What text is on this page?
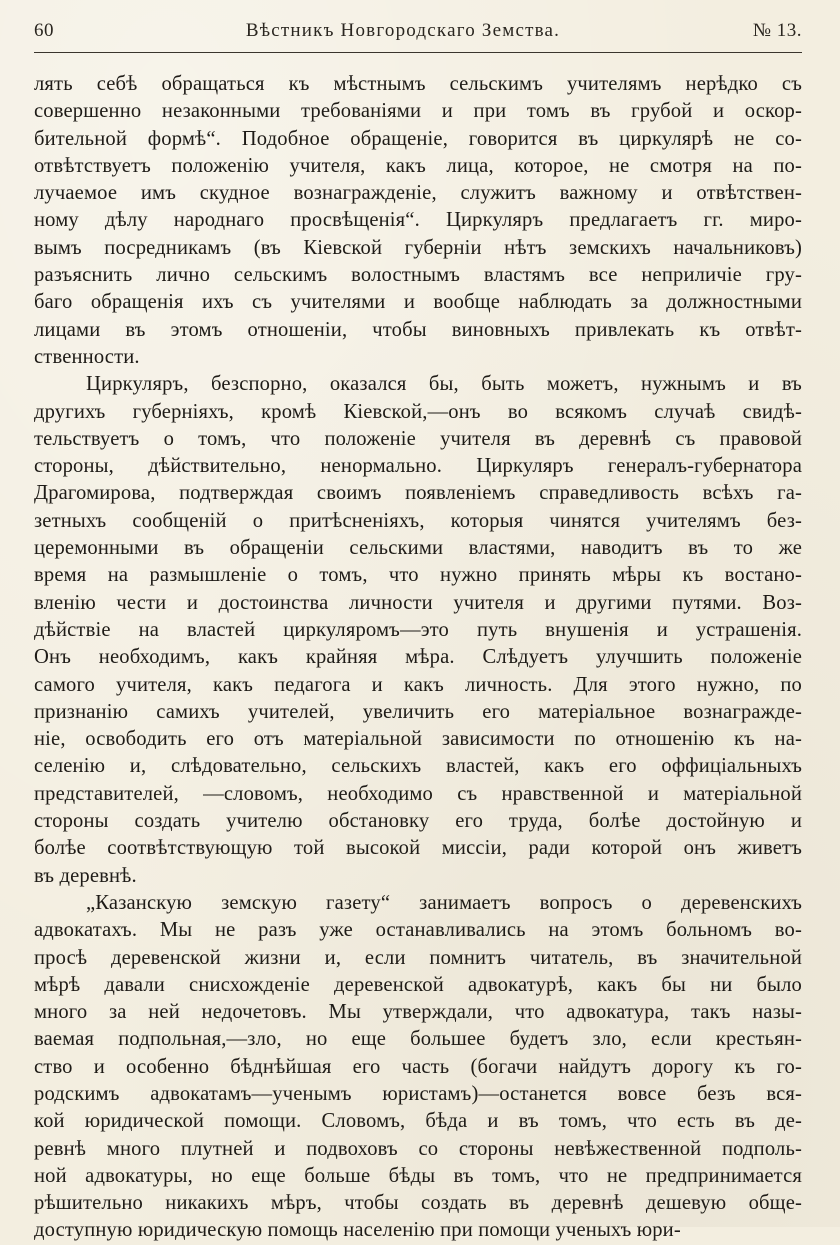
60	Вѣстникъ Новгородскаго Земства.	№ 13.
лять себѣ обращаться къ мѣстнымъ сельскимъ учителямъ нерѣдко съ
совершенно незаконными требованіями и при томъ въ грубой и оскор-
бительной формѣ“. Подобное обращеніе, говорится въ циркулярѣ не со-
отвѣтствуетъ положенію учителя, какъ лица, которое, не смотря на по-
лучаемое имъ скудное вознагражденіе, служитъ важному и отвѣтствен-
ному дѣлу народнаго просвѣщенія“. Циркуляръ предлагаетъ гг. миро-
вымъ посредникамъ (въ Кіевской губерніи нѣтъ земскихъ начальниковъ)
разъяснить лично сельскимъ волостнымъ властямъ все неприличіе гру-
баго обращенія ихъ съ учителями и вообще наблюдать за должностными
лицами въ этомъ отношеніи, чтобы виновныхъ привлекать къ отвѣт-
ственности.
Циркуляръ, безспорно, оказался бы, быть можетъ, нужнымъ и въ
другихъ губерніяхъ, кромѣ Кіевской,—онъ во всякомъ случаѣ свидѣ-
тельствуетъ о томъ, что положеніе учителя въ деревнѣ съ правовой
стороны, дѣйствительно, ненормально. Циркуляръ генералъ-губернатора
Драгомирова, подтверждая своимъ появленіемъ справедливость всѣхъ га-
зетныхъ сообщеній о притѣсненіяхъ, которыя чинятся учителямъ без-
церемонными въ обращеніи сельскими властями, наводитъ въ то же
время на размышленіе о томъ, что нужно принять мѣры къ востано-
вленію чести и достоинства личности учителя и другими путями. Воз-
дѣйствіе на властей циркуляромъ—это путь внушенія и устрашенія.
Онъ необходимъ, какъ крайняя мѣра. Слѣдуетъ улучшить положеніе
самого учителя, какъ педагога и какъ личность. Для этого нужно, по
признанію самихъ учителей, увеличить его матеріальное вознагражде-
ніе, освободить его отъ матеріальной зависимости по отношенію къ на-
селенію и, слѣдовательно, сельскихъ властей, какъ его оффиціальныхъ
представителей, —словомъ, необходимо съ нравственной и матеріальной
стороны создать учителю обстановку его труда, болѣе достойную и
болѣе соотвѣтствующую той высокой миссіи, ради которой онъ живетъ
въ деревнѣ.
„Казанскую земскую газету“ занимаетъ вопросъ о деревенскихъ
адвокатахъ. Мы не разъ уже останавливались на этомъ больномъ во-
просѣ деревенской жизни и, если помнитъ читатель, въ значительной
мѣрѣ давали снисхожденіе деревенской адвокатурѣ, какъ бы ни было
много за ней недочетовъ. Мы утверждали, что адвокатура, такъ назы-
ваемая подпольная,—зло, но еще большее будетъ зло, если крестьян-
ство и особенно бѣднѣйшая его часть (богачи найдутъ дорогу къ го-
родскимъ адвокатамъ—ученымъ юристамъ)—останется вовсе безъ вся-
кой юридической помощи. Словомъ, бѣда и въ томъ, что есть въ де-
ревнѣ много плутней и подвоховъ со стороны невѣжественной подполь-
ной адвокатуры, но еще больше бѣды въ томъ, что не предпринимается
рѣшительно никакихъ мѣръ, чтобы создать въ деревнѣ дешевую обще-
доступную юридическую помощь населенію при помощи ученыхъ юри-
